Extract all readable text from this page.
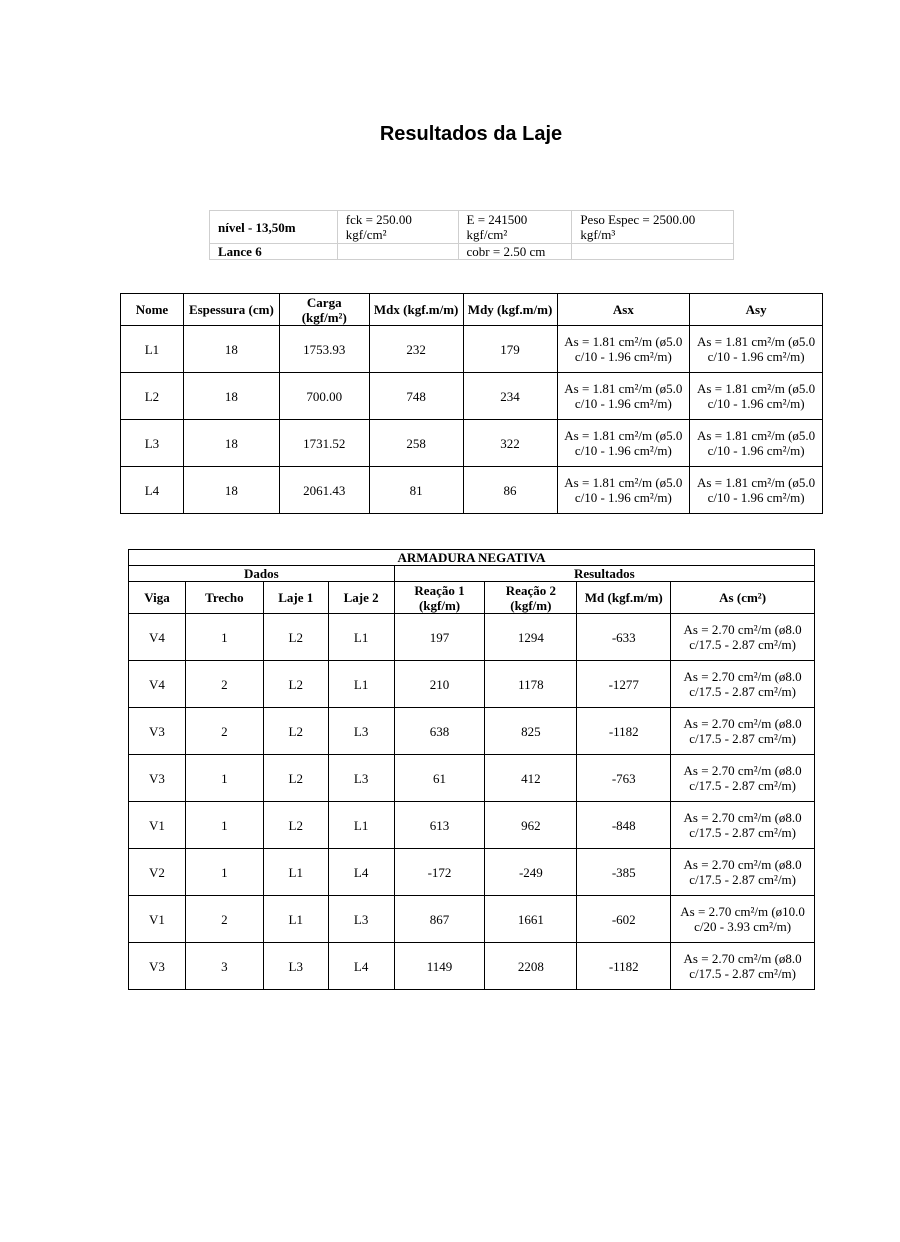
Resultados da Laje
nível - 13,50m	fck = 250.00 kgf/cm²	E = 241500 kgf/cm²	Peso Espec = 2500.00 kgf/m³
Lance 6		cobr = 2.50 cm	
Nome	Espessura (cm)	Carga (kgf/m²)	Mdx (kgf.m/m)	Mdy (kgf.m/m)	Asx	Asy
L1	18	1753.93	232	179	As = 1.81 cm²/m (ø5.0 c/10 - 1.96 cm²/m)	As = 1.81 cm²/m (ø5.0 c/10 - 1.96 cm²/m)
L2	18	700.00	748	234	As = 1.81 cm²/m (ø5.0 c/10 - 1.96 cm²/m)	As = 1.81 cm²/m (ø5.0 c/10 - 1.96 cm²/m)
L3	18	1731.52	258	322	As = 1.81 cm²/m (ø5.0 c/10 - 1.96 cm²/m)	As = 1.81 cm²/m (ø5.0 c/10 - 1.96 cm²/m)
L4	18	2061.43	81	86	As = 1.81 cm²/m (ø5.0 c/10 - 1.96 cm²/m)	As = 1.81 cm²/m (ø5.0 c/10 - 1.96 cm²/m)
ARMADURA NEGATIVA							
Dados				Resultados			
Viga	Trecho	Laje 1	Laje 2	Reação 1 (kgf/m)	Reação 2 (kgf/m)	Md (kgf.m/m)	As (cm²)
V4	1	L2	L1	197	1294	-633	As = 2.70 cm²/m (ø8.0 c/17.5 - 2.87 cm²/m)
V4	2	L2	L1	210	1178	-1277	As = 2.70 cm²/m (ø8.0 c/17.5 - 2.87 cm²/m)
V3	2	L2	L3	638	825	-1182	As = 2.70 cm²/m (ø8.0 c/17.5 - 2.87 cm²/m)
V3	1	L2	L3	61	412	-763	As = 2.70 cm²/m (ø8.0 c/17.5 - 2.87 cm²/m)
V1	1	L2	L1	613	962	-848	As = 2.70 cm²/m (ø8.0 c/17.5 - 2.87 cm²/m)
V2	1	L1	L4	-172	-249	-385	As = 2.70 cm²/m (ø8.0 c/17.5 - 2.87 cm²/m)
V1	2	L1	L3	867	1661	-602	As = 2.70 cm²/m (ø10.0 c/20 - 3.93 cm²/m)
V3	3	L3	L4	1149	2208	-1182	As = 2.70 cm²/m (ø8.0 c/17.5 - 2.87 cm²/m)
